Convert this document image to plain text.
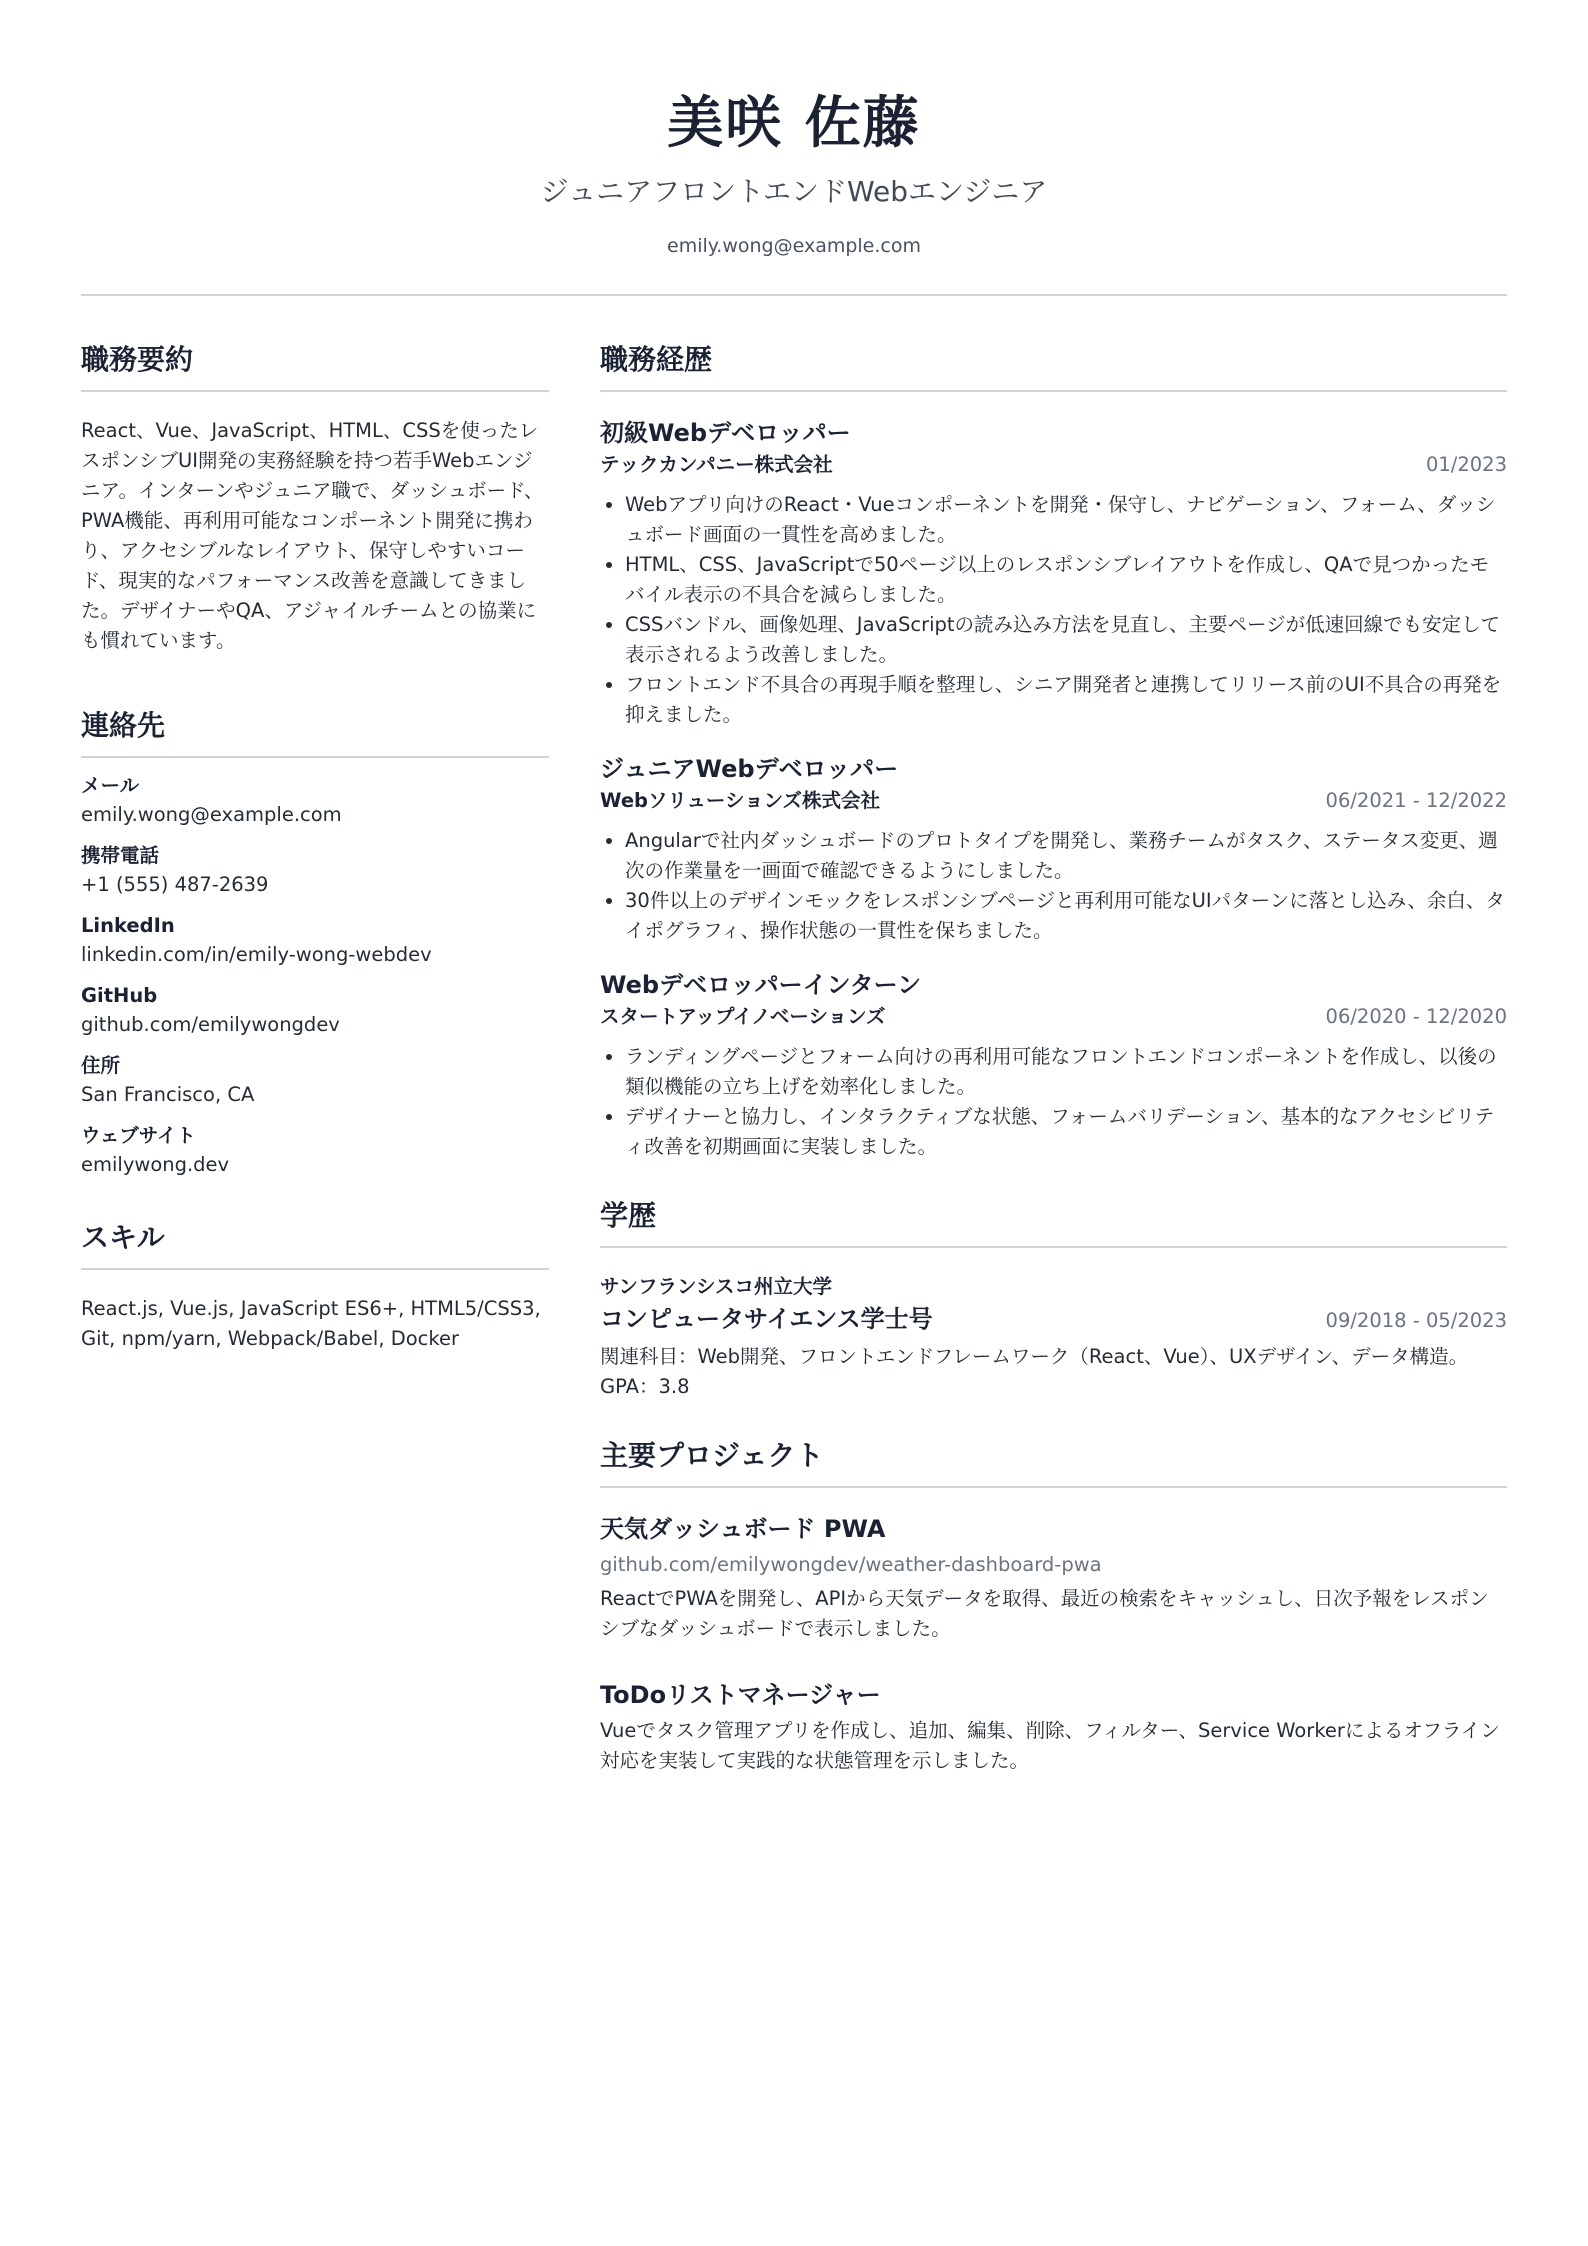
美咲 佐藤
ジュニアフロントエンドWebエンジニア
emily.wong@example.com
職務要約
React、Vue、JavaScript、HTML、CSSを使ったレスポンシブUI開発の実務経験を持つ若手Webエンジニア。インターンやジュニア職で、ダッシュボード、PWA機能、再利用可能なコンポーネント開発に携わり、アクセシブルなレイアウト、保守しやすいコード、現実的なパフォーマンス改善を意識してきました。デザイナーやQA、アジャイルチームとの協業にも慣れています。
連絡先
メール
emily.wong@example.com
携帯電話
+1 (555) 487-2639
LinkedIn
linkedin.com/in/emily-wong-webdev
GitHub
github.com/emilywongdev
住所
San Francisco, CA
ウェブサイト
emilywong.dev
スキル
React.js, Vue.js, JavaScript ES6+, HTML5/CSS3, Git, npm/yarn, Webpack/Babel, Docker
職務経歴
初級Webデベロッパー
テックカンパニー株式会社	01/2023
• Webアプリ向けのReact・Vueコンポーネントを開発・保守し、ナビゲーション、フォーム、ダッシュボード画面の一貫性を高めました。
• HTML、CSS、JavaScriptで50ページ以上のレスポンシブレイアウトを作成し、QAで見つかったモバイル表示の不具合を減らしました。
• CSSバンドル、画像処理、JavaScriptの読み込み方法を見直し、主要ページが低速回線でも安定して表示されるよう改善しました。
• フロントエンド不具合の再現手順を整理し、シニア開発者と連携してリリース前のUI不具合の再発を抑えました。
ジュニアWebデベロッパー
Webソリューションズ株式会社	06/2021 - 12/2022
• Angularで社内ダッシュボードのプロトタイプを開発し、業務チームがタスク、ステータス変更、週次の作業量を一画面で確認できるようにしました。
• 30件以上のデザインモックをレスポンシブページと再利用可能なUIパターンに落とし込み、余白、タイポグラフィ、操作状態の一貫性を保ちました。
Webデベロッパーインターン
スタートアップイノベーションズ	06/2020 - 12/2020
• ランディングページとフォーム向けの再利用可能なフロントエンドコンポーネントを作成し、以後の類似機能の立ち上げを効率化しました。
• デザイナーと協力し、インタラクティブな状態、フォームバリデーション、基本的なアクセシビリティ改善を初期画面に実装しました。
学歴
サンフランシスコ州立大学
コンピュータサイエンス学士号	09/2018 - 05/2023
関連科目：Web開発、フロントエンドフレームワーク（React、Vue）、UXデザイン、データ構造。GPA：3.8
主要プロジェクト
天気ダッシュボード PWA
github.com/emilywongdev/weather-dashboard-pwa
ReactでPWAを開発し、APIから天気データを取得、最近の検索をキャッシュし、日次予報をレスポンシブなダッシュボードで表示しました。
ToDoリストマネージャー
Vueでタスク管理アプリを作成し、追加、編集、削除、フィルター、Service Workerによるオフライン対応を実装して実践的な状態管理を示しました。
